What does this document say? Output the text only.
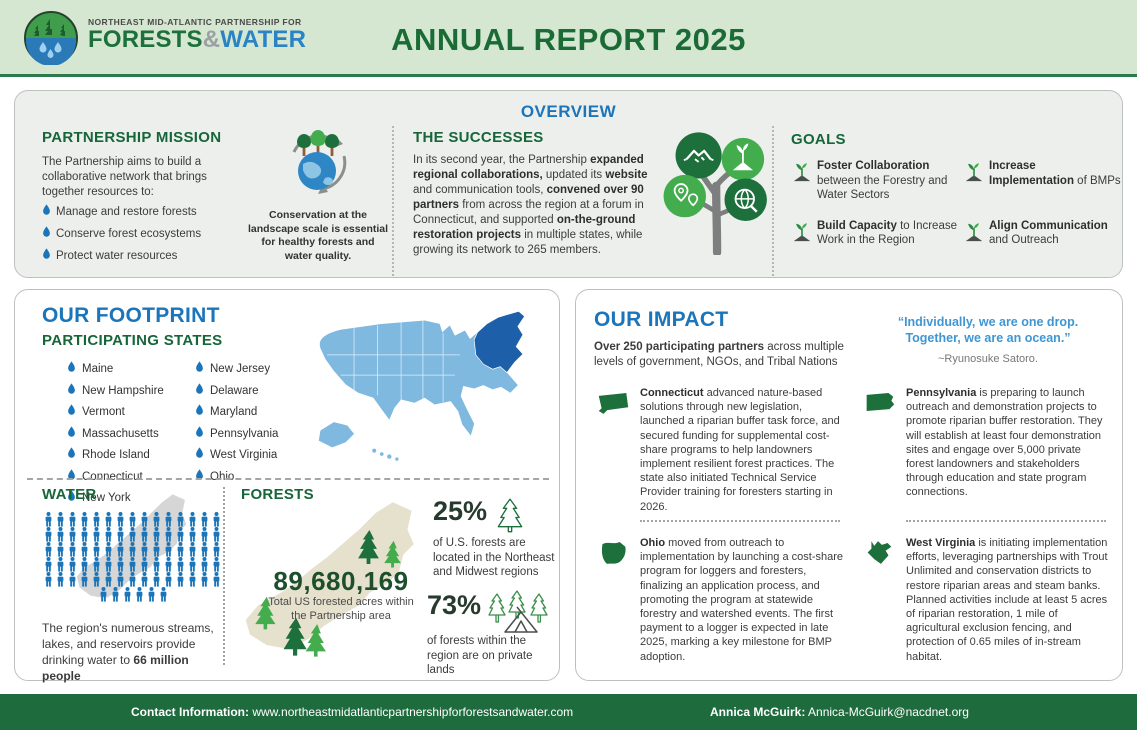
NORTHEAST MID-ATLANTIC PARTNERSHIP FOR
FORESTS&WATER	ANNUAL REPORT 2025
OVERVIEW
PARTNERSHIP MISSION

The Partnership aims to build a collaborative network that brings together resources to:

Manage and restore forests
Conserve forest ecosystems
Protect water resources
Conservation at the landscape scale is essential for healthy forests and water quality.
THE SUCCESSES

In its second year, the Partnership expanded regional collaborations, updated its website and communication tools, convened over 90 partners from across the region at a forum in Connecticut, and supported on-the-ground restoration projects in multiple states, while growing its network to 265 members.

GOALS

Foster Collaboration between the Forestry and Water Sectors

Increase Implementation of BMPs

Build Capacity to Increase Work in the Region

Align Communication and Outreach

OUR FOOTPRINT
PARTICIPATING STATES
Maine
New Hampshire
Vermont
Massachusetts
Rhode Island
Connecticut
New York
New Jersey
Delaware
Maryland
Pennsylvania
West Virginia
Ohio
WATER

The region's numerous streams, lakes, and reservoirs provide drinking water to 66 million people

FORESTS
89,680,169
Total US forested acres within the Partnership area
25%

of U.S. forests are located in the Northeast and Midwest regions

73%

of forests within the region are on private lands

OUR IMPACT

Over 250 participating partners across multiple levels of government, NGOs, and Tribal Nations

“Individually, we are one drop.
Together, we are an ocean.”
~Ryunosuke Satoro.

Connecticut advanced nature-based solutions through new legislation, launched a riparian buffer task force, and secured funding for supplemental cost-share programs to help landowners implement resilient forest practices. The state also initiated Technical Service Provider training for foresters starting in 2026.

Pennsylvania is preparing to launch outreach and demonstration projects to promote riparian buffer restoration. They will establish at least four demonstration sites and engage over 5,000 private forest landowners and stakeholders through education and state program connections.

Ohio moved from outreach to implementation by launching a cost-share program for loggers and foresters, finalizing an application process, and promoting the program at statewide forestry and watershed events. The first payment to a logger is expected in late 2025, marking a key milestone for BMP adoption.

West Virginia is initiating implementation efforts, leveraging partnerships with Trout Unlimited and conservation districts to restore riparian areas and steam banks. Planned activities include at least 5 acres of riparian restoration, 1 mile of agricultural exclusion fencing, and protection of 0.65 miles of in-stream habitat.

Contact Information: www.northeastmidatlanticpartnershipforforestsandwater.com	Annica McGuirk: Annica-McGuirk@nacdnet.org
